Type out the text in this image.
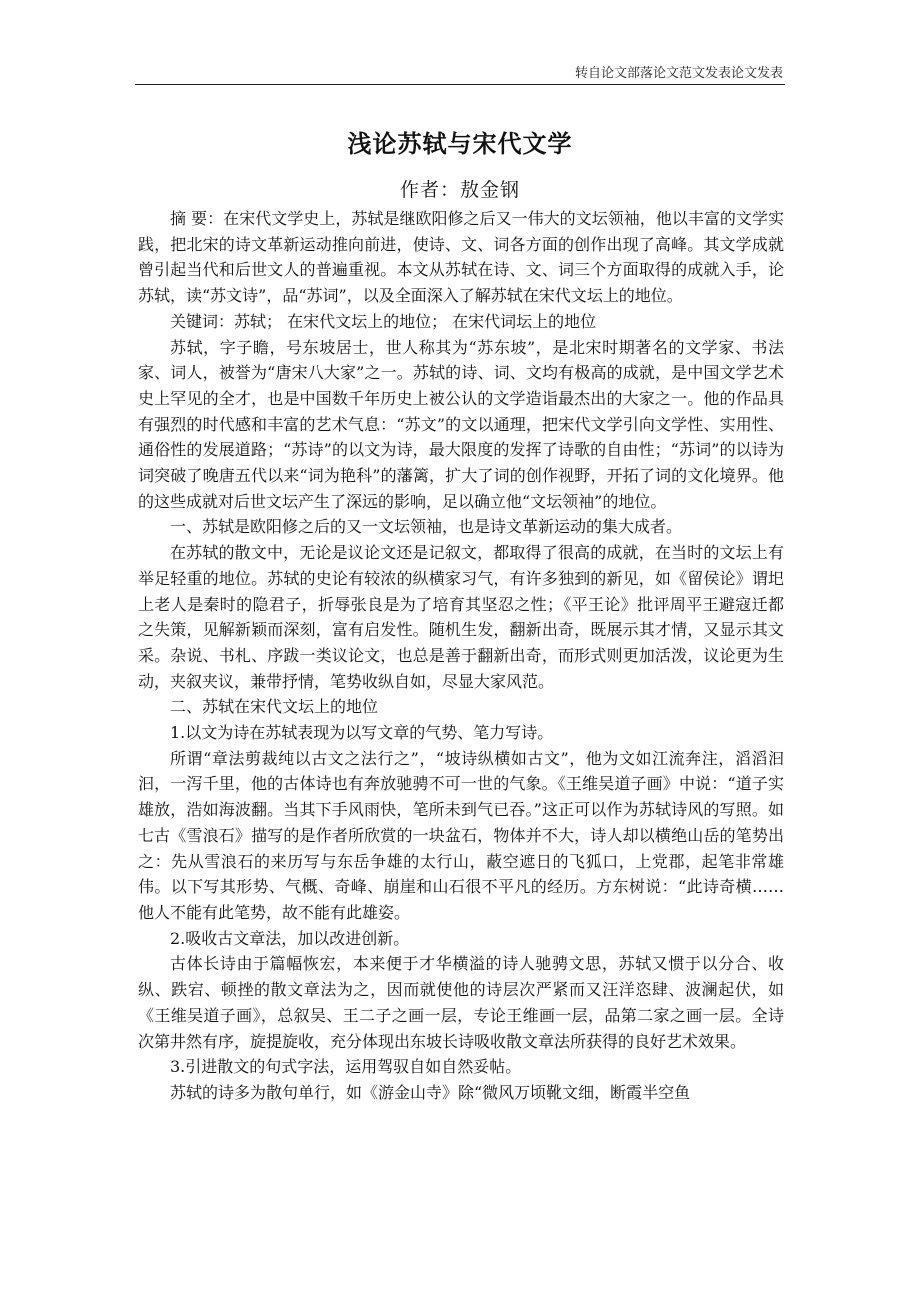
转自论文部落论文范文发表论文发表
浅论苏轼与宋代文学
作者：敖金钢

摘 要：在宋代文学史上，苏轼是继欧阳修之后又一伟大的文坛领袖，他以丰富的文学实践，把北宋的诗文革新运动推向前进，使诗、文、词各方面的创作出现了高峰。其文学成就曾引起当代和后世文人的普遍重视。本文从苏轼在诗、文、词三个方面取得的成就入手，论苏轼，读“苏文诗”，品“苏词”，以及全面深入了解苏轼在宋代文坛上的地位。

关键词：苏轼； 在宋代文坛上的地位； 在宋代词坛上的地位

苏轼，字子瞻，号东坡居士，世人称其为“苏东坡”，是北宋时期著名的文学家、书法家、词人，被誉为“唐宋八大家”之一。苏轼的诗、词、文均有极高的成就，是中国文学艺术史上罕见的全才，也是中国数千年历史上被公认的文学造诣最杰出的大家之一。他的作品具有强烈的时代感和丰富的艺术气息：“苏文”的文以通理，把宋代文学引向文学性、实用性、通俗性的发展道路；“苏诗”的以文为诗，最大限度的发挥了诗歌的自由性；“苏词”的以诗为词突破了晚唐五代以来“词为艳科”的藩篱，扩大了词的创作视野，开拓了词的文化境界。他的这些成就对后世文坛产生了深远的影响，足以确立他“文坛领袖”的地位。

一、苏轼是欧阳修之后的又一文坛领袖，也是诗文革新运动的集大成者。

在苏轼的散文中，无论是议论文还是记叙文，都取得了很高的成就，在当时的文坛上有举足轻重的地位。苏轼的史论有较浓的纵横家习气，有许多独到的新见，如《留侯论》谓圯上老人是秦时的隐君子，折辱张良是为了培育其坚忍之性；《平王论》批评周平王避寇迁都之失策，见解新颖而深刻，富有启发性。随机生发，翻新出奇，既展示其才情，又显示其文采。杂说、书札、序跋一类议论文，也总是善于翻新出奇，而形式则更加活泼，议论更为生动，夹叙夹议，兼带抒情，笔势收纵自如，尽显大家风范。

二、苏轼在宋代文坛上的地位

1.以文为诗在苏轼表现为以写文章的气势、笔力写诗。

所谓“章法剪裁纯以古文之法行之”，“坡诗纵横如古文”，他为文如江流奔注，滔滔汩汩，一泻千里，他的古体诗也有奔放驰骋不可一世的气象。《王维吴道子画》中说：“道子实雄放，浩如海波翻。当其下手风雨快，笔所未到气已吞。”这正可以作为苏轼诗风的写照。如七古《雪浪石》描写的是作者所欣赏的一块盆石，物体并不大，诗人却以横绝山岳的笔势出之：先从雪浪石的来历写与东岳争雄的太行山，蔽空遮日的飞狐口，上党郡，起笔非常雄伟。以下写其形势、气概、奇峰、崩崖和山石很不平凡的经历。方东树说：“此诗奇横……他人不能有此笔势，故不能有此雄姿。

2.吸收古文章法，加以改进创新。

古体长诗由于篇幅恢宏，本来便于才华横溢的诗人驰骋文思，苏轼又惯于以分合、收纵、跌宕、顿挫的散文章法为之，因而就使他的诗层次严紧而又汪洋恣肆、波澜起伏，如《王维吴道子画》，总叙吴、王二子之画一层，专论王维画一层，品第二家之画一层。全诗次第井然有序，旋提旋收，充分体现出东坡长诗吸收散文章法所获得的良好艺术效果。

3.引进散文的句式字法，运用驾驭自如自然妥帖。

苏轼的诗多为散句单行，如《游金山寺》除“微风万顷靴文细，断霞半空鱼
